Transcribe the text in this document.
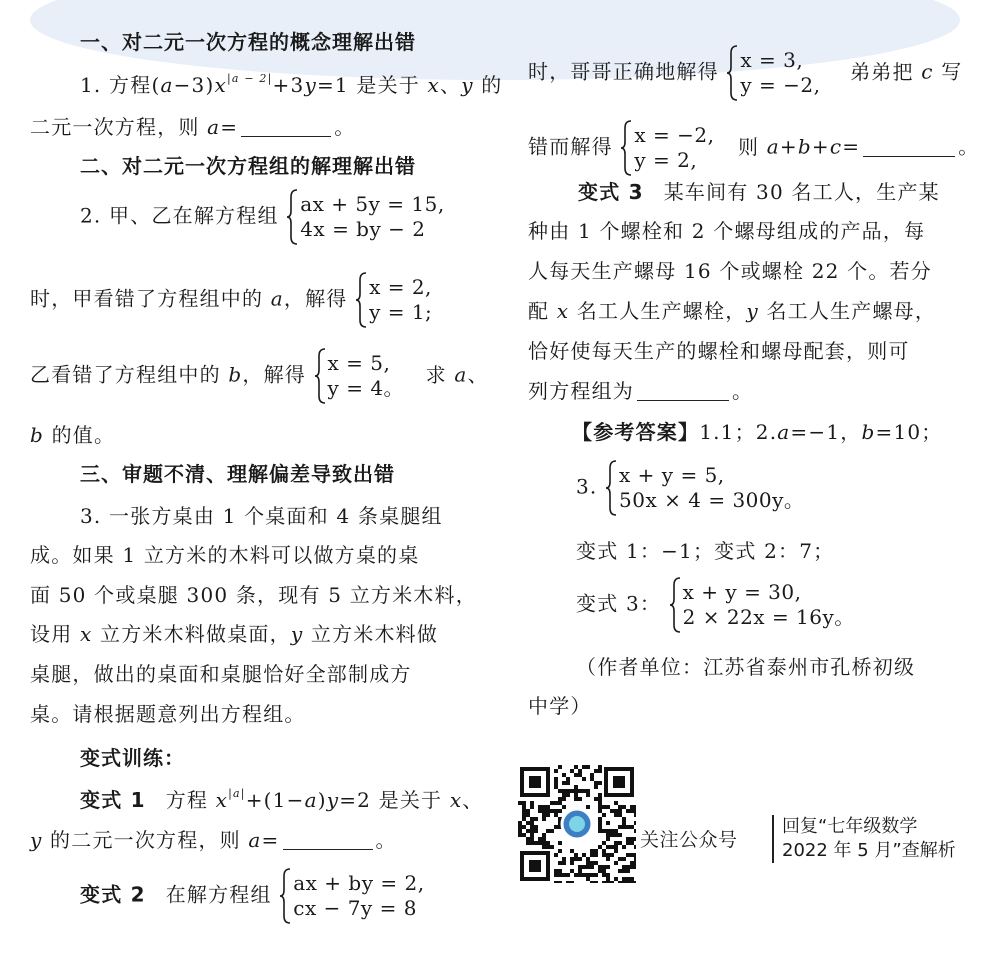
一、对二元一次方程的概念理解出错
1. 方程$(a-3)x^{|a - 2|}+3y=1$ 是关于 x、y 的
二元一次方程，则 a=	。
二、对二元一次方程组的解理解出错
2. 甲、乙在解方程组 ax + 5y = 15,
4x = by − 2
时，甲看错了方程组中的 a，解得 x = 2,
y = 1;
乙看错了方程组中的 b，解得 x = 5,
y = 4。
求 a、
b 的值。
三、审题不清、理解偏差导致出错
3. 一张方桌由 1 个桌面和 4 条桌腿组
成。如果 1 立方米的木料可以做方桌的桌
面 50 个或桌腿 300 条，现有 5 立方米木料，
设用 x 立方米木料做桌面，y 立方米木料做
桌腿，做出的桌面和桌腿恰好全部制成方
桌。请根据题意列出方程组。
变式训练：
变式 1 方程 $x^{|a|}+(1-a)y=2$ 是关于 x、
y 的二元一次方程，则 a=	。
变式 2 在解方程组 ax + by = 2,
cx − 7y = 8
时，哥哥正确地解得 x = 3,
y = −2,
弟弟把 c 写
错而解得 x = −2,
y = 2,
则 a+b+c=	。
变式 3 某车间有 30 名工人，生产某
种由 1 个螺栓和 2 个螺母组成的产品，每
人每天生产螺母 16 个或螺栓 22 个。若分
配 x 名工人生产螺栓，y 名工人生产螺母，
恰好使每天生产的螺栓和螺母配套，则可
列方程组为	。
【参考答案】1.1；2.a=−1，b=10；
3. x + y = 5,
50x × 4 = 300y。
变式 1：−1；变式 2：7；
变式 3： x + y = 30,
2 × 22x = 16y。
（作者单位：江苏省泰州市孔桥初级
中学）
关注公众号
回复“七年级数学
2022 年 5 月”查解析
